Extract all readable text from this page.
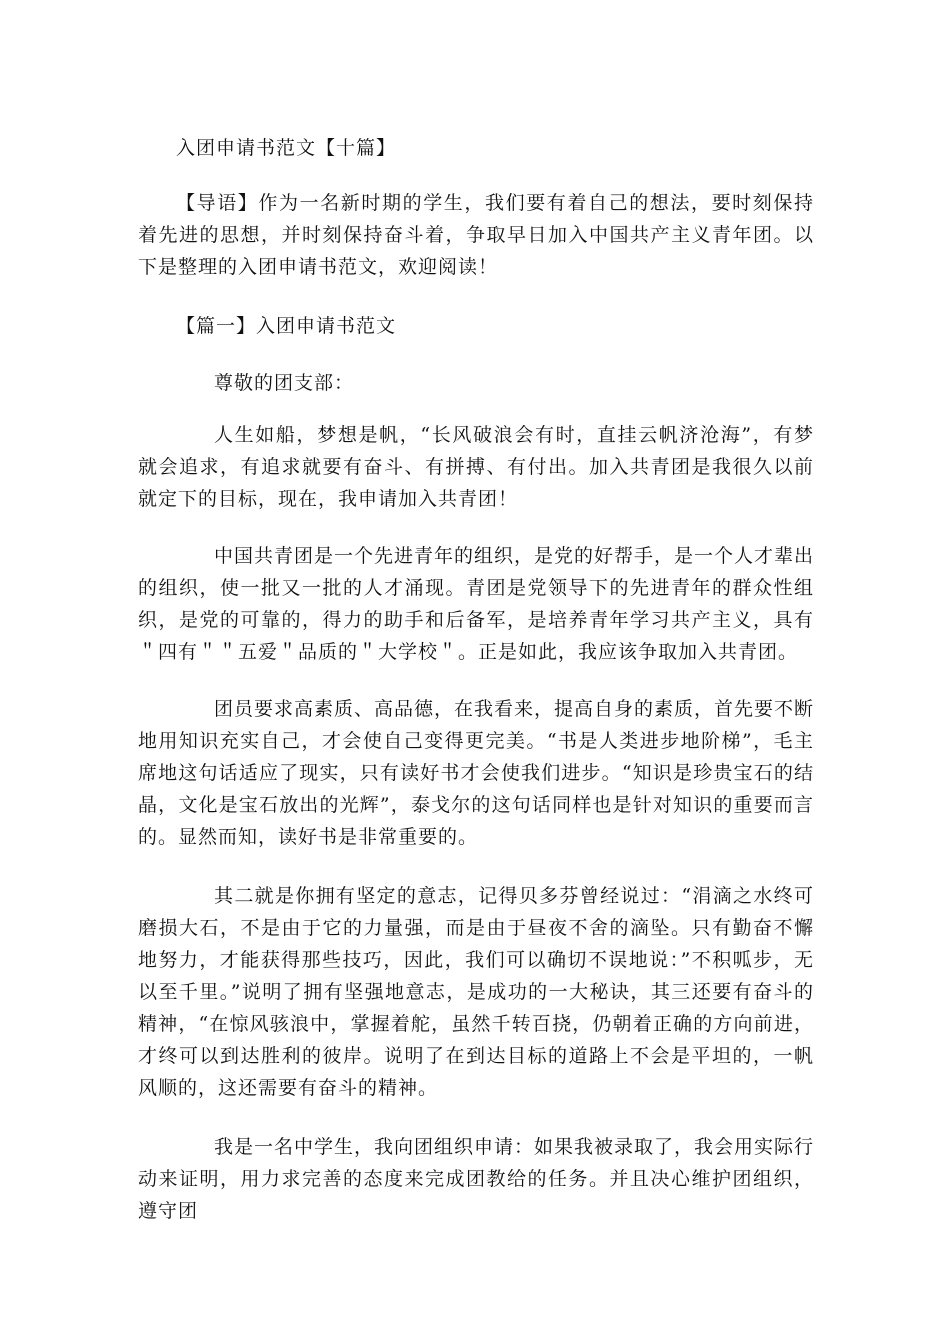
入团申请书范文【十篇】

【导语】作为一名新时期的学生，我们要有着自己的想法，要时刻保持着先进的思想，并时刻保持奋斗着，争取早日加入中国共产主义青年团。以下是整理的入团申请书范文，欢迎阅读！

【篇一】入团申请书范文
尊敬的团支部：

人生如船，梦想是帆，“长风破浪会有时，直挂云帆济沧海”，有梦就会追求，有追求就要有奋斗、有拼搏、有付出。加入共青团是我很久以前就定下的目标，现在，我申请加入共青团！

中国共青团是一个先进青年的组织，是党的好帮手，是一个人才辈出的组织，使一批又一批的人才涌现。青团是党领导下的先进青年的群众性组织，是党的可靠的，得力的助手和后备军，是培养青年学习共产主义，具有＂四有＂＂五爱＂品质的＂大学校＂。正是如此，我应该争取加入共青团。

团员要求高素质、高品德，在我看来，提高自身的素质，首先要不断地用知识充实自己，才会使自己变得更完美。“书是人类进步地阶梯”，毛主席地这句话适应了现实，只有读好书才会使我们进步。“知识是珍贵宝石的结晶，文化是宝石放出的光辉”，泰戈尔的这句话同样也是针对知识的重要而言的。显然而知，读好书是非常重要的。

其二就是你拥有坚定的意志，记得贝多芬曾经说过：“涓滴之水终可磨损大石，不是由于它的力量强，而是由于昼夜不舍的滴坠。只有勤奋不懈地努力，才能获得那些技巧，因此，我们可以确切不误地说：”不积呱步，无以至千里。”说明了拥有坚强地意志，是成功的一大秘诀，其三还要有奋斗的精神，“在惊风骇浪中，掌握着舵，虽然千转百挠，仍朝着正确的方向前进，才终可以到达胜利的彼岸。说明了在到达目标的道路上不会是平坦的，一帆风顺的，这还需要有奋斗的精神。

我是一名中学生，我向团组织申请：如果我被录取了，我会用实际行动来证明，用力求完善的态度来完成团教给的任务。并且决心维护团组织，遵守团
